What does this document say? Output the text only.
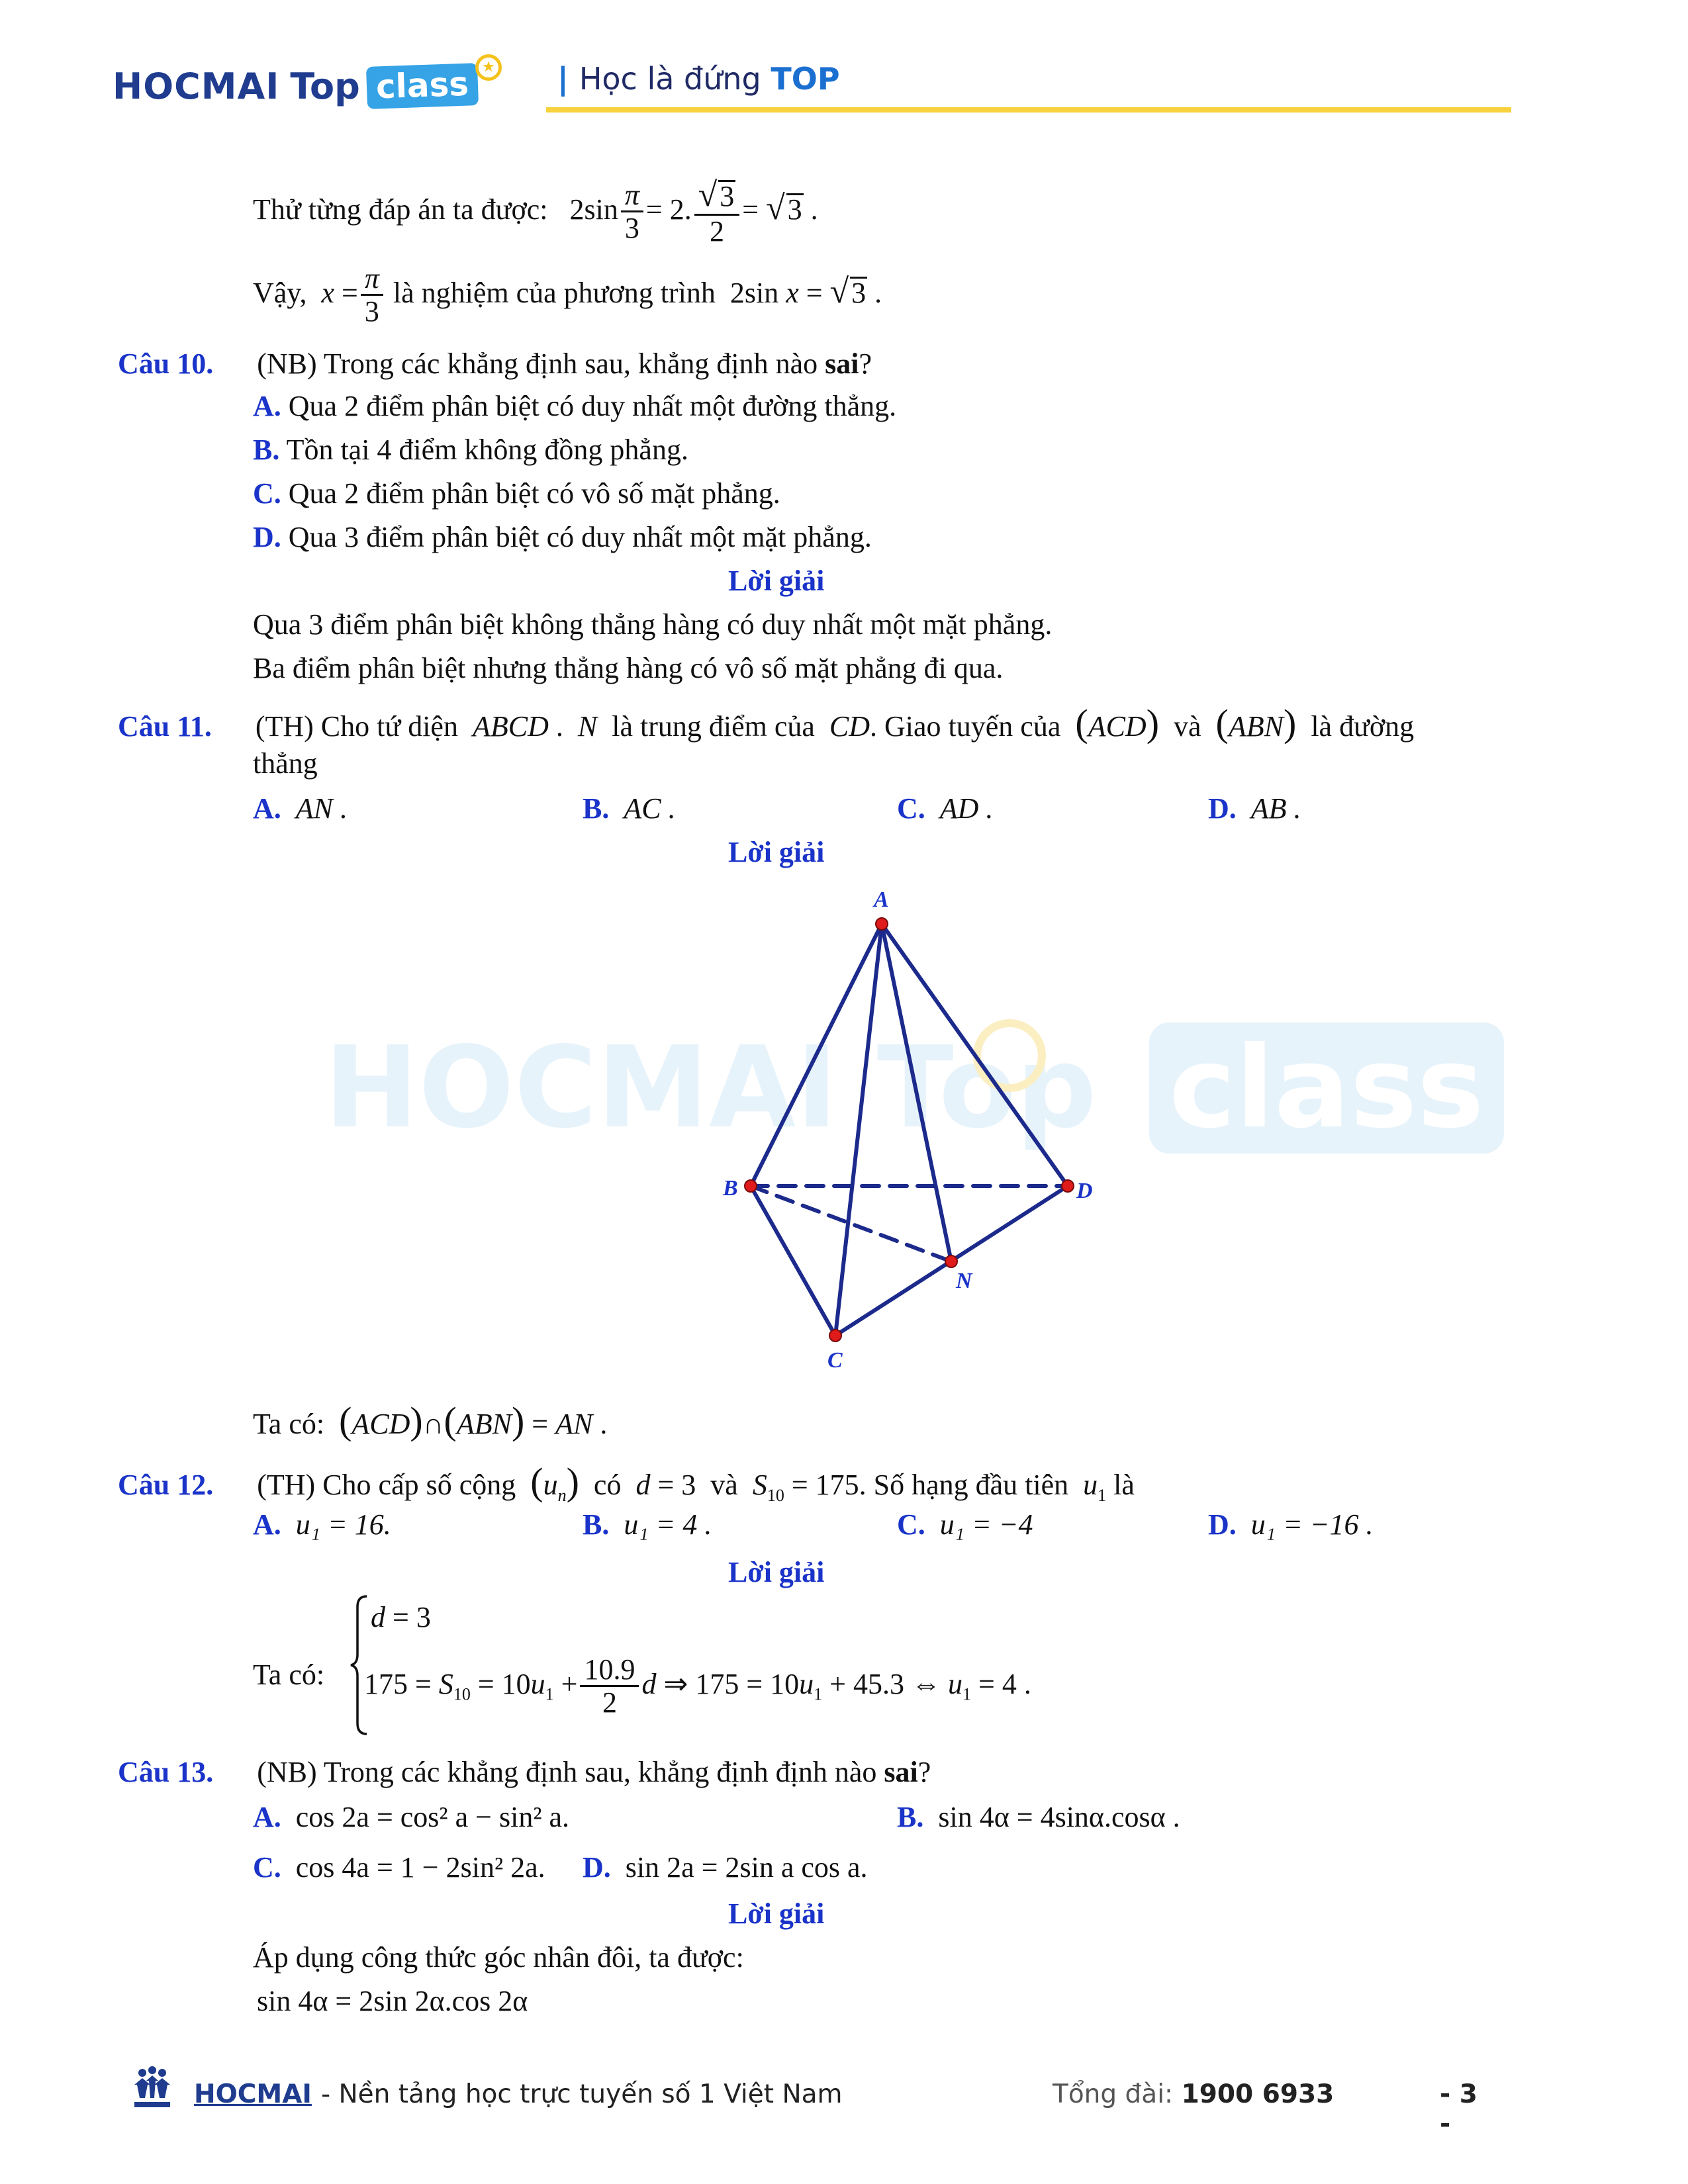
HOCMAI Top class ★ | Học là đứng TOP
Thử từng đáp án ta được:   $2\sin \frac{\pi}{3} = 2$. $\frac{√3}{2} = √3$ .
Vậy, $x = \frac{\pi}{3}$ là nghiệm của phương trình  2sin x = √3 .
Câu 10. (NB) Trong các khẳng định sau, khẳng định nào sai?
A. Qua 2 điểm phân biệt có duy nhất một đường thẳng.
B. Tồn tại 4 điểm không đồng phẳng.
C. Qua 2 điểm phân biệt có vô số mặt phẳng.
D. Qua 3 điểm phân biệt có duy nhất một mặt phẳng.
Lời giải
Qua 3 điểm phân biệt không thẳng hàng có duy nhất một mặt phẳng.
Ba điểm phân biệt nhưng thẳng hàng có vô số mặt phẳng đi qua.
Câu 11. (TH) Cho tứ diện  ABCD .  N  là trung điểm của  CD. Giao tuyến của (ACD) và (ABN) là đường
thẳng
A. AN .	B. AC .	C. AD .	D. AB .
Lời giải
HOCMAI Top class
A
B	D
C
N
Ta có: (ACD)∩(ABN) = AN .
Câu 12. (TH) Cho cấp số cộng $(u_n)$ có d = 3  và $S_{10} = 175$. Số hạng đầu tiên $u_1$ là
A. u₁ = 16.	B. u₁ = 4 .	C. u₁ = −4	D. u₁ = −16 .
Lời giải
Ta có:
d = 3
$175 = S_{10} = 10u_1 + \frac{10.9}{2}$ d ⇒ $175 = 10u_1 + 45.3$ ⇔ $u_1 = 4$ .
Câu 13. (NB) Trong các khẳng định sau, khẳng định định nào sai?
A. cos 2a = cos² a − sin² a.	B. sin 4α = 4sinα.cosα .
C. cos 4a = 1 − 2sin² 2a. D. sin 2a = 2sin a cos a.
Lời giải
Áp dụng công thức góc nhân đôi, ta được:
sin 4α = 2sin 2α.cos 2α
HOCMAI - Nền tảng học trực tuyến số 1 Việt Nam	Tổng đài: 1900 6933	- 3 -
